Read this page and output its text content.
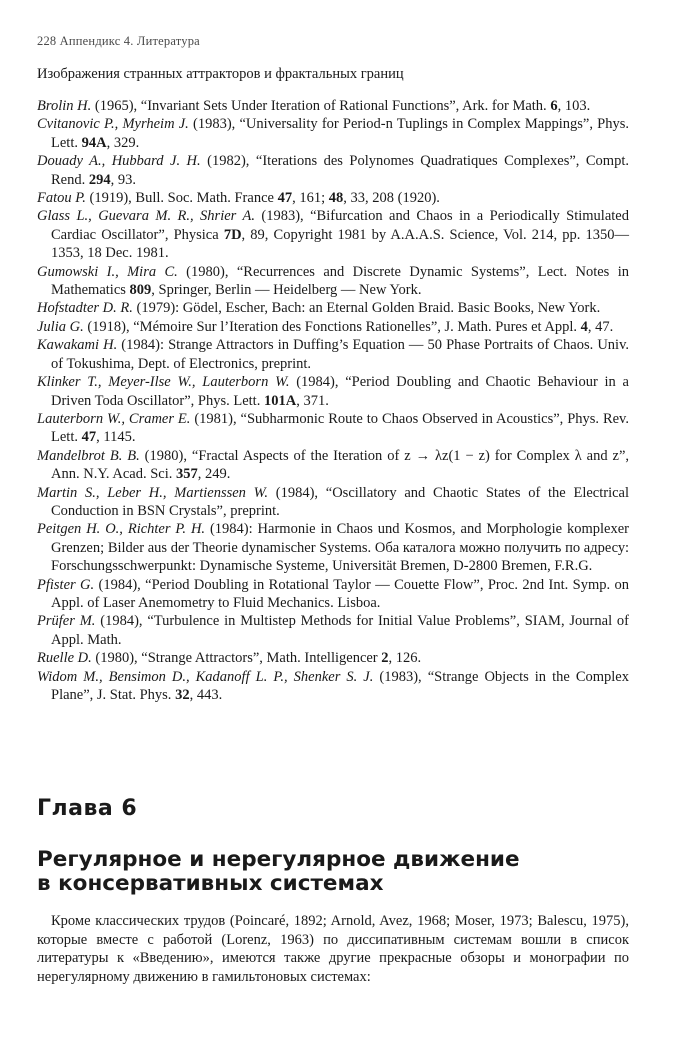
228 Аппендикс 4. Литература
Изображения странных аттракторов и фрактальных границ

Brolin H. (1965), “Invariant Sets Under Iteration of Rational Functions”, Ark. for Math. 6, 103.

Cvitanovic P., Myrheim J. (1983), “Universality for Period-n Tuplings in Complex Mappings”, Phys. Lett. 94A, 329.

Douady A., Hubbard J. H. (1982), “Iterations des Polynomes Quadratiques Complexes”, Compt. Rend. 294, 93.

Fatou P. (1919), Bull. Soc. Math. France 47, 161; 48, 33, 208 (1920).

Glass L., Guevara M. R., Shrier A. (1983), “Bifurcation and Chaos in a Periodically Stimulated Cardiac Oscillator”, Physica 7D, 89, Copyright 1981 by A.A.A.S. Science, Vol. 214, pp. 1350—1353, 18 Dec. 1981.

Gumowski I., Mira C. (1980), “Recurrences and Discrete Dynamic Systems”, Lect. Notes in Mathematics 809, Springer, Berlin — Heidelberg — New York.

Hofstadter D. R. (1979): Gödel, Escher, Bach: an Eternal Golden Braid. Basic Books, New York.

Julia G. (1918), “Mémoire Sur l’Iteration des Fonctions Rationelles”, J. Math. Pures et Appl. 4, 47.

Kawakami H. (1984): Strange Attractors in Duffing’s Equation — 50 Phase Portraits of Chaos. Univ. of Tokushima, Dept. of Electronics, preprint.

Klinker T., Meyer-Ilse W., Lauterborn W. (1984), “Period Doubling and Chaotic Behaviour in a Driven Toda Oscillator”, Phys. Lett. 101A, 371.

Lauterborn W., Cramer E. (1981), “Subharmonic Route to Chaos Observed in Acoustics”, Phys. Rev. Lett. 47, 1145.

Mandelbrot B. B. (1980), “Fractal Aspects of the Iteration of z → λz(1 − z) for Complex λ and z”, Ann. N.Y. Acad. Sci. 357, 249.

Martin S., Leber H., Martienssen W. (1984), “Oscillatory and Chaotic States of the Electrical Conduction in BSN Crystals”, preprint.

Peitgen H. O., Richter P. H. (1984): Harmonie in Chaos und Kosmos, and Morphologie komplexer Grenzen; Bilder aus der Theorie dynamischer Systems. Оба каталога можно получить по адресу: Forschungsschwerpunkt: Dynamische Systeme, Universität Bremen, D-2800 Bremen, F.R.G.

Pfister G. (1984), “Period Doubling in Rotational Taylor — Couette Flow”, Proc. 2nd Int. Symp. on Appl. of Laser Anemometry to Fluid Mechanics. Lisboa.

Prüfer M. (1984), “Turbulence in Multistep Methods for Initial Value Problems”, SIAM, Journal of Appl. Math.

Ruelle D. (1980), “Strange Attractors”, Math. Intelligencer 2, 126.

Widom M., Bensimon D., Kadanoff L. P., Shenker S. J. (1983), “Strange Objects in the Complex Plane”, J. Stat. Phys. 32, 443.

Глава 6
Регулярное и нерегулярное движение
в консервативных системах

Кроме классических трудов (Poincaré, 1892; Arnold, Avez, 1968; Moser, 1973; Balescu, 1975), которые вместе с работой (Lorenz, 1963) по диссипативным системам вошли в список литературы к «Введению», имеются также другие прекрасные обзоры и монографии по нерегулярному движению в гамильтоновых системах:
